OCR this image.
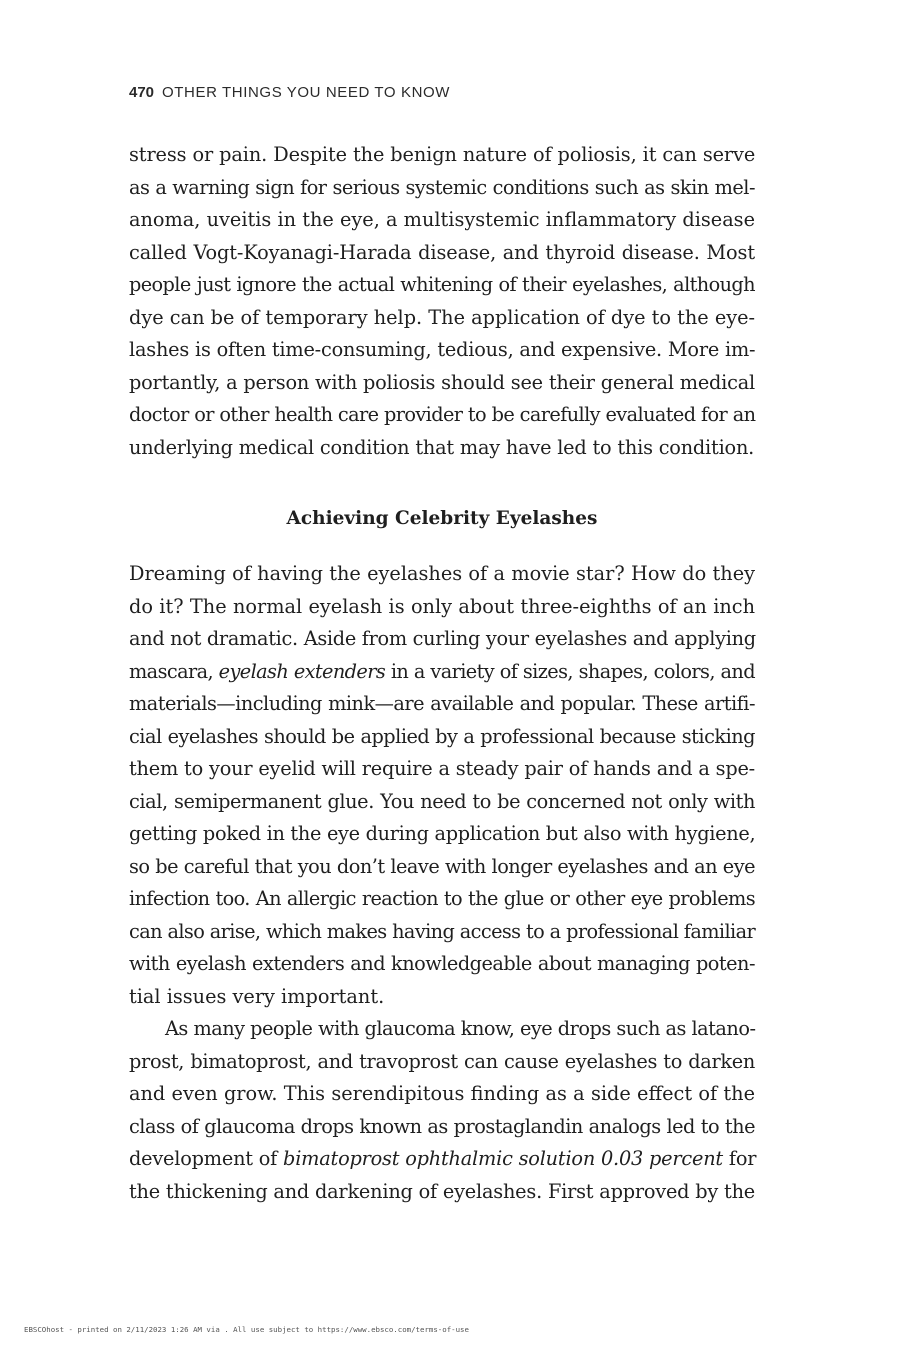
470 OTHER THINGS YOU NEED TO KNOW
stress or pain. Despite the benign nature of poliosis, it can serve
as a warning sign for serious systemic conditions such as skin mel-
anoma, uveitis in the eye, a multisystemic inflammatory disease
called Vogt-Koyanagi-Harada disease, and thyroid disease. Most
people just ignore the actual whitening of their eyelashes, although
dye can be of temporary help. The application of dye to the eye-
lashes is often time-consuming, tedious, and expensive. More im-
portantly, a person with poliosis should see their general medical
doctor or other health care provider to be carefully evaluated for an
underlying medical condition that may have led to this condition.
Achieving Celebrity Eyelashes
Dreaming of having the eyelashes of a movie star? How do they
do it? The normal eyelash is only about three-eighths of an inch
and not dramatic. Aside from curling your eyelashes and applying
mascara, eyelash extenders in a variety of sizes, shapes, colors, and
materials—including mink—are available and popular. These artifi-
cial eyelashes should be applied by a professional because sticking
them to your eyelid will require a steady pair of hands and a spe-
cial, semipermanent glue. You need to be concerned not only with
getting poked in the eye during application but also with hygiene,
so be careful that you don’t leave with longer eyelashes and an eye
infection too. An allergic reaction to the glue or other eye problems
can also arise, which makes having access to a professional familiar
with eyelash extenders and knowledgeable about managing poten-
tial issues very important.
As many people with glaucoma know, eye drops such as latano-
prost, bimatoprost, and travoprost can cause eyelashes to darken
and even grow. This serendipitous finding as a side effect of the
class of glaucoma drops known as prostaglandin analogs led to the
development of bimatoprost ophthalmic solution 0.03 percent for
the thickening and darkening of eyelashes. First approved by the
EBSCOhost - printed on 2/11/2023 1:26 AM via . All use subject to https://www.ebsco.com/terms-of-use
